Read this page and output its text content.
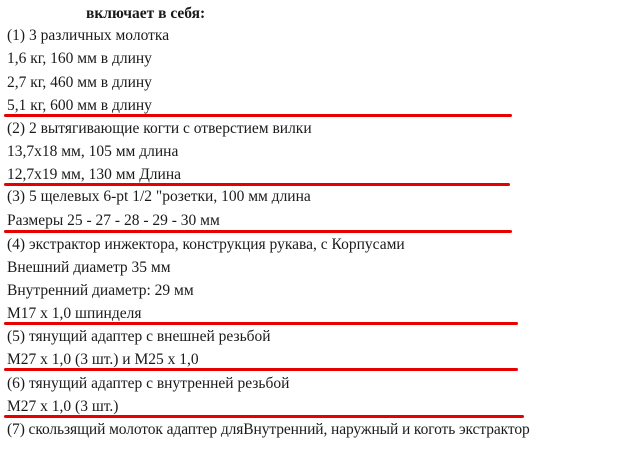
включает в себя:
(1) 3 различных молотка
1,6 кг, 160 мм в длину
2,7 кг, 460 мм в длину
5,1 кг, 600 мм в длину
(2) 2 вытягивающие когти с отверстием вилки
13,7x18 мм, 105 мм длина
12,7x19 мм, 130 мм Длина
(3) 5 щелевых 6-pt 1/2 "розетки, 100 мм длина
Размеры 25 - 27 - 28 - 29 - 30 мм
(4) экстрактор инжектора, конструкция рукава, с Корпусами
Внешний диаметр 35 мм
Внутренний диаметр: 29 мм
M17 x 1,0 шпинделя
(5) тянущий адаптер с внешней резьбой
M27 x 1,0 (3 шт.) и M25 x 1,0
(6) тянущий адаптер с внутренней резьбой
M27 x 1,0 (3 шт.)
(7) скользящий молоток адаптер дляВнутренний, наружный и коготь экстрактор
